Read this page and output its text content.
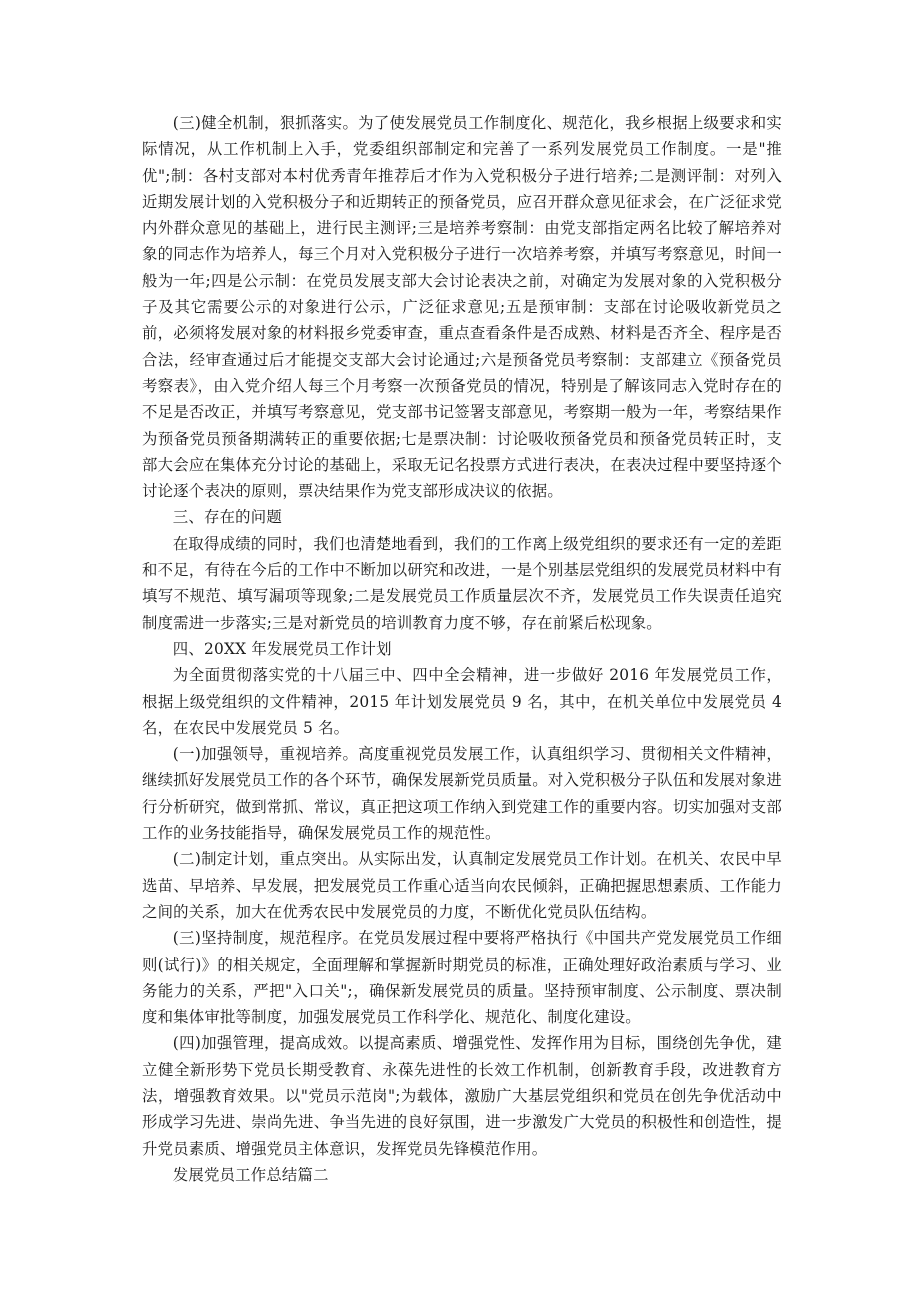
(三)健全机制，狠抓落实。为了使发展党员工作制度化、规范化，我乡根据上级要求和实际情况，从工作机制上入手，党委组织部制定和完善了一系列发展党员工作制度。一是"推优";制：各村支部对本村优秀青年推荐后才作为入党积极分子进行培养;二是测评制：对列入近期发展计划的入党积极分子和近期转正的预备党员，应召开群众意见征求会，在广泛征求党内外群众意见的基础上，进行民主测评;三是培养考察制：由党支部指定两名比较了解培养对象的同志作为培养人，每三个月对入党积极分子进行一次培养考察，并填写考察意见，时间一般为一年;四是公示制：在党员发展支部大会讨论表决之前，对确定为发展对象的入党积极分子及其它需要公示的对象进行公示，广泛征求意见;五是预审制：支部在讨论吸收新党员之前，必须将发展对象的材料报乡党委审查，重点查看条件是否成熟、材料是否齐全、程序是否合法，经审查通过后才能提交支部大会讨论通过;六是预备党员考察制：支部建立《预备党员考察表》，由入党介绍人每三个月考察一次预备党员的情况，特别是了解该同志入党时存在的不足是否改正，并填写考察意见，党支部书记签署支部意见，考察期一般为一年，考察结果作为预备党员预备期满转正的重要依据;七是票决制：讨论吸收预备党员和预备党员转正时，支部大会应在集体充分讨论的基础上，采取无记名投票方式进行表决，在表决过程中要坚持逐个讨论逐个表决的原则，票决结果作为党支部形成决议的依据。

三、存在的问题

在取得成绩的同时，我们也清楚地看到，我们的工作离上级党组织的要求还有一定的差距和不足，有待在今后的工作中不断加以研究和改进，一是个别基层党组织的发展党员材料中有填写不规范、填写漏项等现象;二是发展党员工作质量层次不齐，发展党员工作失误责任追究制度需进一步落实;三是对新党员的培训教育力度不够，存在前紧后松现象。

四、20XX 年发展党员工作计划

为全面贯彻落实党的十八届三中、四中全会精神，进一步做好 2016 年发展党员工作，根据上级党组织的文件精神，2015 年计划发展党员 9 名，其中，在机关单位中发展党员 4 名，在农民中发展党员 5 名。

(一)加强领导，重视培养。高度重视党员发展工作，认真组织学习、贯彻相关文件精神，继续抓好发展党员工作的各个环节，确保发展新党员质量。对入党积极分子队伍和发展对象进行分析研究，做到常抓、常议，真正把这项工作纳入到党建工作的重要内容。切实加强对支部工作的业务技能指导，确保发展党员工作的规范性。

(二)制定计划，重点突出。从实际出发，认真制定发展党员工作计划。在机关、农民中早选苗、早培养、早发展，把发展党员工作重心适当向农民倾斜，正确把握思想素质、工作能力之间的关系，加大在优秀农民中发展党员的力度，不断优化党员队伍结构。

(三)坚持制度，规范程序。在党员发展过程中要将严格执行《中国共产党发展党员工作细则(试行)》的相关规定，全面理解和掌握新时期党员的标准，正确处理好政治素质与学习、业务能力的关系，严把"入口关";，确保新发展党员的质量。坚持预审制度、公示制度、票决制度和集体审批等制度，加强发展党员工作科学化、规范化、制度化建设。

(四)加强管理，提高成效。以提高素质、增强党性、发挥作用为目标，围绕创先争优，建立健全新形势下党员长期受教育、永葆先进性的长效工作机制，创新教育手段，改进教育方法，增强教育效果。以"党员示范岗";为载体，激励广大基层党组织和党员在创先争优活动中形成学习先进、崇尚先进、争当先进的良好氛围，进一步激发广大党员的积极性和创造性，提升党员素质、增强党员主体意识，发挥党员先锋模范作用。

发展党员工作总结篇二
